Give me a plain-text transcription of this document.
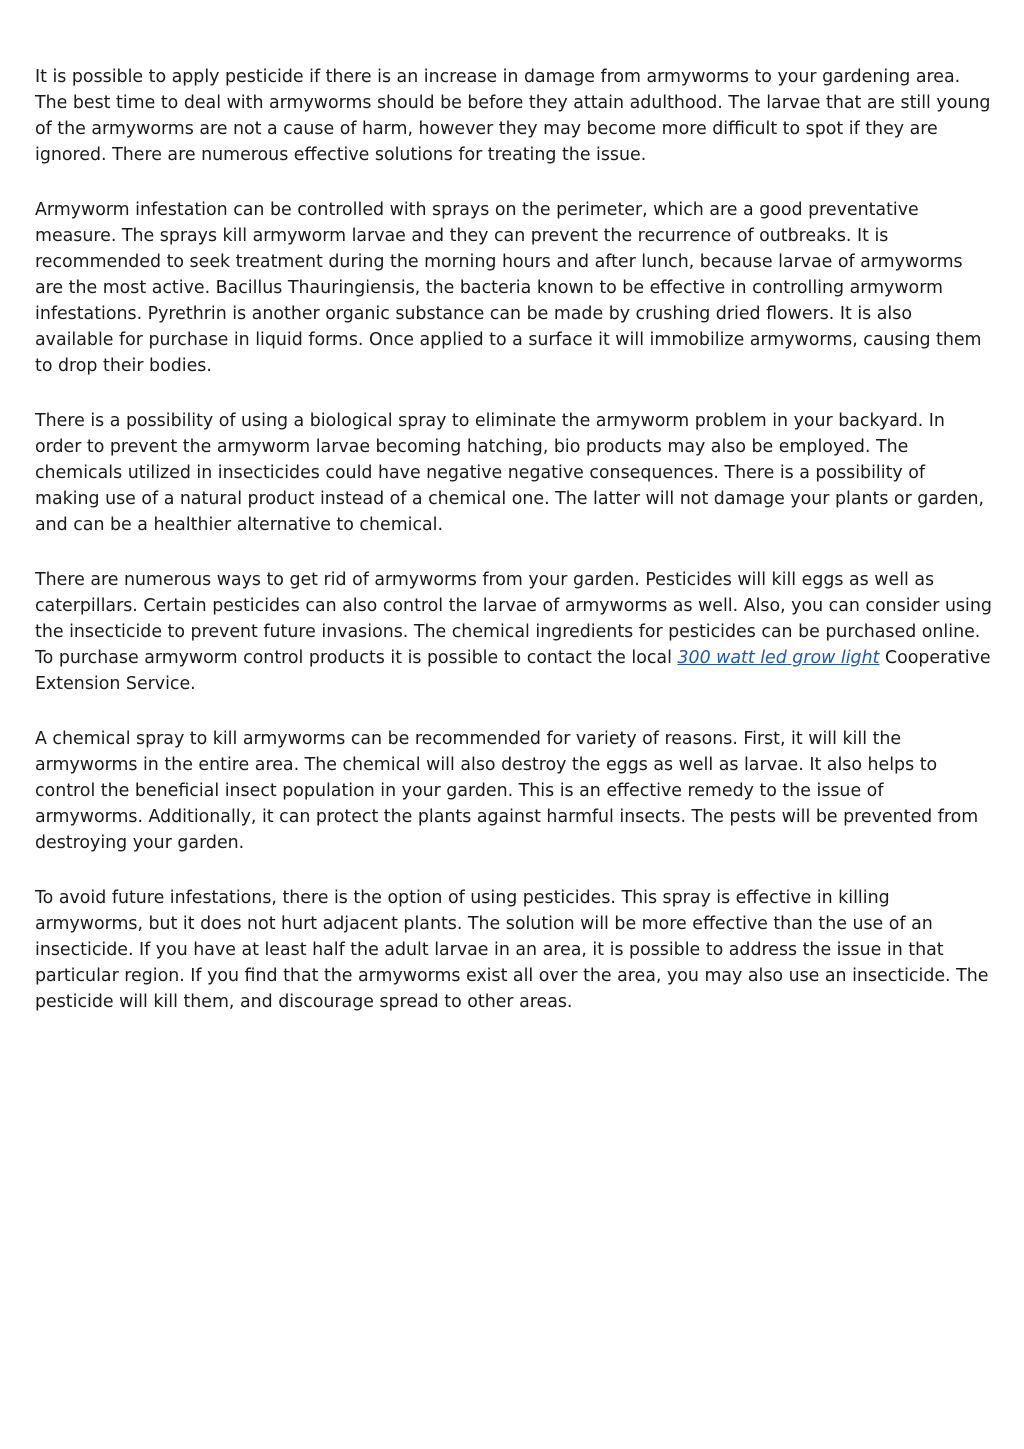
It is possible to apply pesticide if there is an increase in damage from armyworms to your gardening area. The best time to deal with armyworms should be before they attain adulthood. The larvae that are still young of the armyworms are not a cause of harm, however they may become more difficult to spot if they are ignored. There are numerous effective solutions for treating the issue.

Armyworm infestation can be controlled with sprays on the perimeter, which are a good preventative measure. The sprays kill armyworm larvae and they can prevent the recurrence of outbreaks. It is recommended to seek treatment during the morning hours and after lunch, because larvae of armyworms are the most active. Bacillus Thauringiensis, the bacteria known to be effective in controlling armyworm infestations. Pyrethrin is another organic substance can be made by crushing dried flowers. It is also available for purchase in liquid forms. Once applied to a surface it will immobilize armyworms, causing them to drop their bodies.

There is a possibility of using a biological spray to eliminate the armyworm problem in your backyard. In order to prevent the armyworm larvae becoming hatching, bio products may also be employed. The chemicals utilized in insecticides could have negative negative consequences. There is a possibility of making use of a natural product instead of a chemical one. The latter will not damage your plants or garden, and can be a healthier alternative to chemical.

There are numerous ways to get rid of armyworms from your garden. Pesticides will kill eggs as well as caterpillars. Certain pesticides can also control the larvae of armyworms as well. Also, you can consider using the insecticide to prevent future invasions. The chemical ingredients for pesticides can be purchased online. To purchase armyworm control products it is possible to contact the local 300 watt led grow light Cooperative Extension Service.

A chemical spray to kill armyworms can be recommended for variety of reasons. First, it will kill the armyworms in the entire area. The chemical will also destroy the eggs as well as larvae. It also helps to control the beneficial insect population in your garden. This is an effective remedy to the issue of armyworms. Additionally, it can protect the plants against harmful insects. The pests will be prevented from destroying your garden.

To avoid future infestations, there is the option of using pesticides. This spray is effective in killing armyworms, but it does not hurt adjacent plants. The solution will be more effective than the use of an insecticide. If you have at least half the adult larvae in an area, it is possible to address the issue in that particular region. If you find that the armyworms exist all over the area, you may also use an insecticide. The pesticide will kill them, and discourage spread to other areas.
